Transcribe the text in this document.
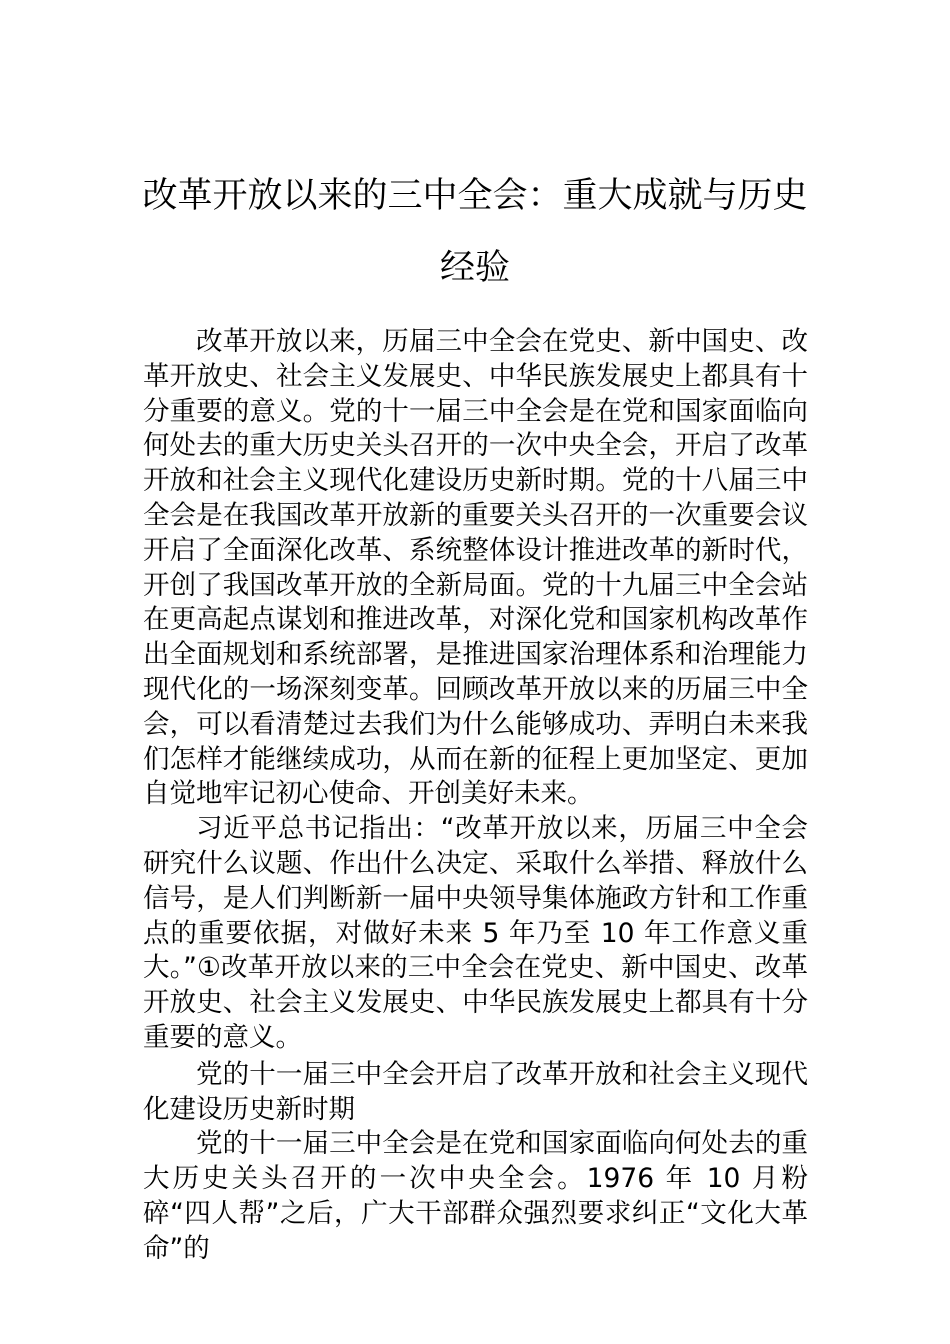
改革开放以来的三中全会：重大成就与历史经验

改革开放以来，历届三中全会在党史、新中国史、改革开放史、社会主义发展史、中华民族发展史上都具有十分重要的意义。党的十一届三中全会是在党和国家面临向何处去的重大历史关头召开的一次中央全会，开启了改革开放和社会主义现代化建设历史新时期。党的十八届三中全会是在我国改革开放新的重要关头召开的一次重要会议开启了全面深化改革、系统整体设计推进改革的新时代，开创了我国改革开放的全新局面。党的十九届三中全会站在更高起点谋划和推进改革，对深化党和国家机构改革作出全面规划和系统部署，是推进国家治理体系和治理能力现代化的一场深刻变革。回顾改革开放以来的历届三中全会，可以看清楚过去我们为什么能够成功、弄明白未来我们怎样才能继续成功，从而在新的征程上更加坚定、更加自觉地牢记初心使命、开创美好未来。

习近平总书记指出：“改革开放以来，历届三中全会研究什么议题、作出什么决定、采取什么举措、释放什么信号，是人们判断新一届中央领导集体施政方针和工作重点的重要依据，对做好未来 5 年乃至 10 年工作意义重大。”①改革开放以来的三中全会在党史、新中国史、改革开放史、社会主义发展史、中华民族发展史上都具有十分重要的意义。

党的十一届三中全会开启了改革开放和社会主义现代化建设历史新时期

党的十一届三中全会是在党和国家面临向何处去的重大历史关头召开的一次中央全会。1976 年 10 月粉碎“四人帮”之后，广大干部群众强烈要求纠正“文化大革命”的
